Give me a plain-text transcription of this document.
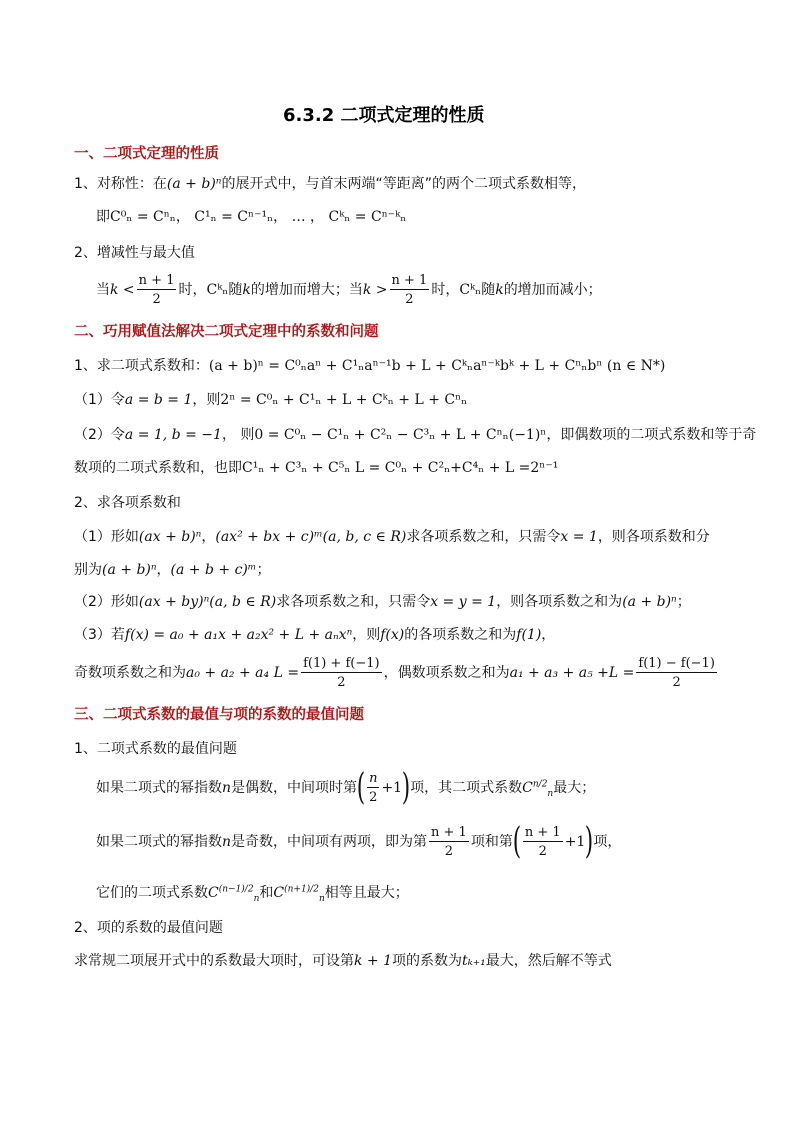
6.3.2 二项式定理的性质
一、二项式定理的性质
1、对称性：在(a + b)ⁿ的展开式中，与首末两端“等距离”的两个二项式系数相等，
即C⁰ₙ = Cⁿₙ， C¹ₙ = Cⁿ⁻¹ₙ， … ， Cᵏₙ = Cⁿ⁻ᵏₙ
2、增减性与最大值
当$k < \frac{n + 1}{2}$ 时，Cᵏₙ随k的增加而增大；当$k > \frac{n + 1}{2}$ 时，Cᵏₙ随k的增加而减小；
二、巧用赋值法解决二项式定理中的系数和问题
1、求二项式系数和：(a + b)ⁿ = C⁰ₙaⁿ + C¹ₙaⁿ⁻¹b + L + Cᵏₙaⁿ⁻ᵏbᵏ + L + Cⁿₙbⁿ (n ∈ N*)
（1）令a = b = 1，则2ⁿ = C⁰ₙ + C¹ₙ + L + Cᵏₙ + L + Cⁿₙ
（2）令a = 1, b = −1， 则0 = C⁰ₙ − C¹ₙ + C²ₙ − C³ₙ + L + Cⁿₙ(−1)ⁿ，即偶数项的二项式系数和等于奇
数项的二项式系数和，也即C¹ₙ + C³ₙ + C⁵ₙ L = C⁰ₙ + C²ₙ+C⁴ₙ + L =2ⁿ⁻¹
2、求各项系数和
（1）形如(ax + b)ⁿ，(ax² + bx + c)ᵐ(a, b, c ∈ R)求各项系数之和，只需令x = 1，则各项系数和分
别为(a + b)ⁿ，(a + b + c)ᵐ；
（2）形如(ax + by)ⁿ(a, b ∈ R)求各项系数之和，只需令x = y = 1，则各项系数之和为(a + b)ⁿ；
（3）若f(x) = a₀ + a₁x + a₂x² + L + aₙxⁿ，则f(x)的各项系数之和为f(1)，
奇数项系数之和为a₀ + a₂ + a₄ $L = \frac{f(1) + f(-1)}{2}$ ，偶数项系数之和为$a_1 + a_3 + a_5 +L = \frac{f(1) - f(-1)}{2}$
三、二项式系数的最值与项的系数的最值问题
1、二项式系数的最值问题
如果二项式的幂指数n是偶数，中间项时第( $\frac{n}{2} +1$)项，其二项式系数$C^{n/2}_n$最大；
如果二项式的幂指数n是奇数，中间项有两项，即为第 $\frac{n + 1}{2}$ 项和第( $\frac{n + 1}{2} +1$)项，
它们的二项式系数$C^{(n-1)/2}_n$和$C^{(n+1)/2}_n$相等且最大；
2、项的系数的最值问题
求常规二项展开式中的系数最大项时，可设第k + 1项的系数为tₖ₊₁最大，然后解不等式
